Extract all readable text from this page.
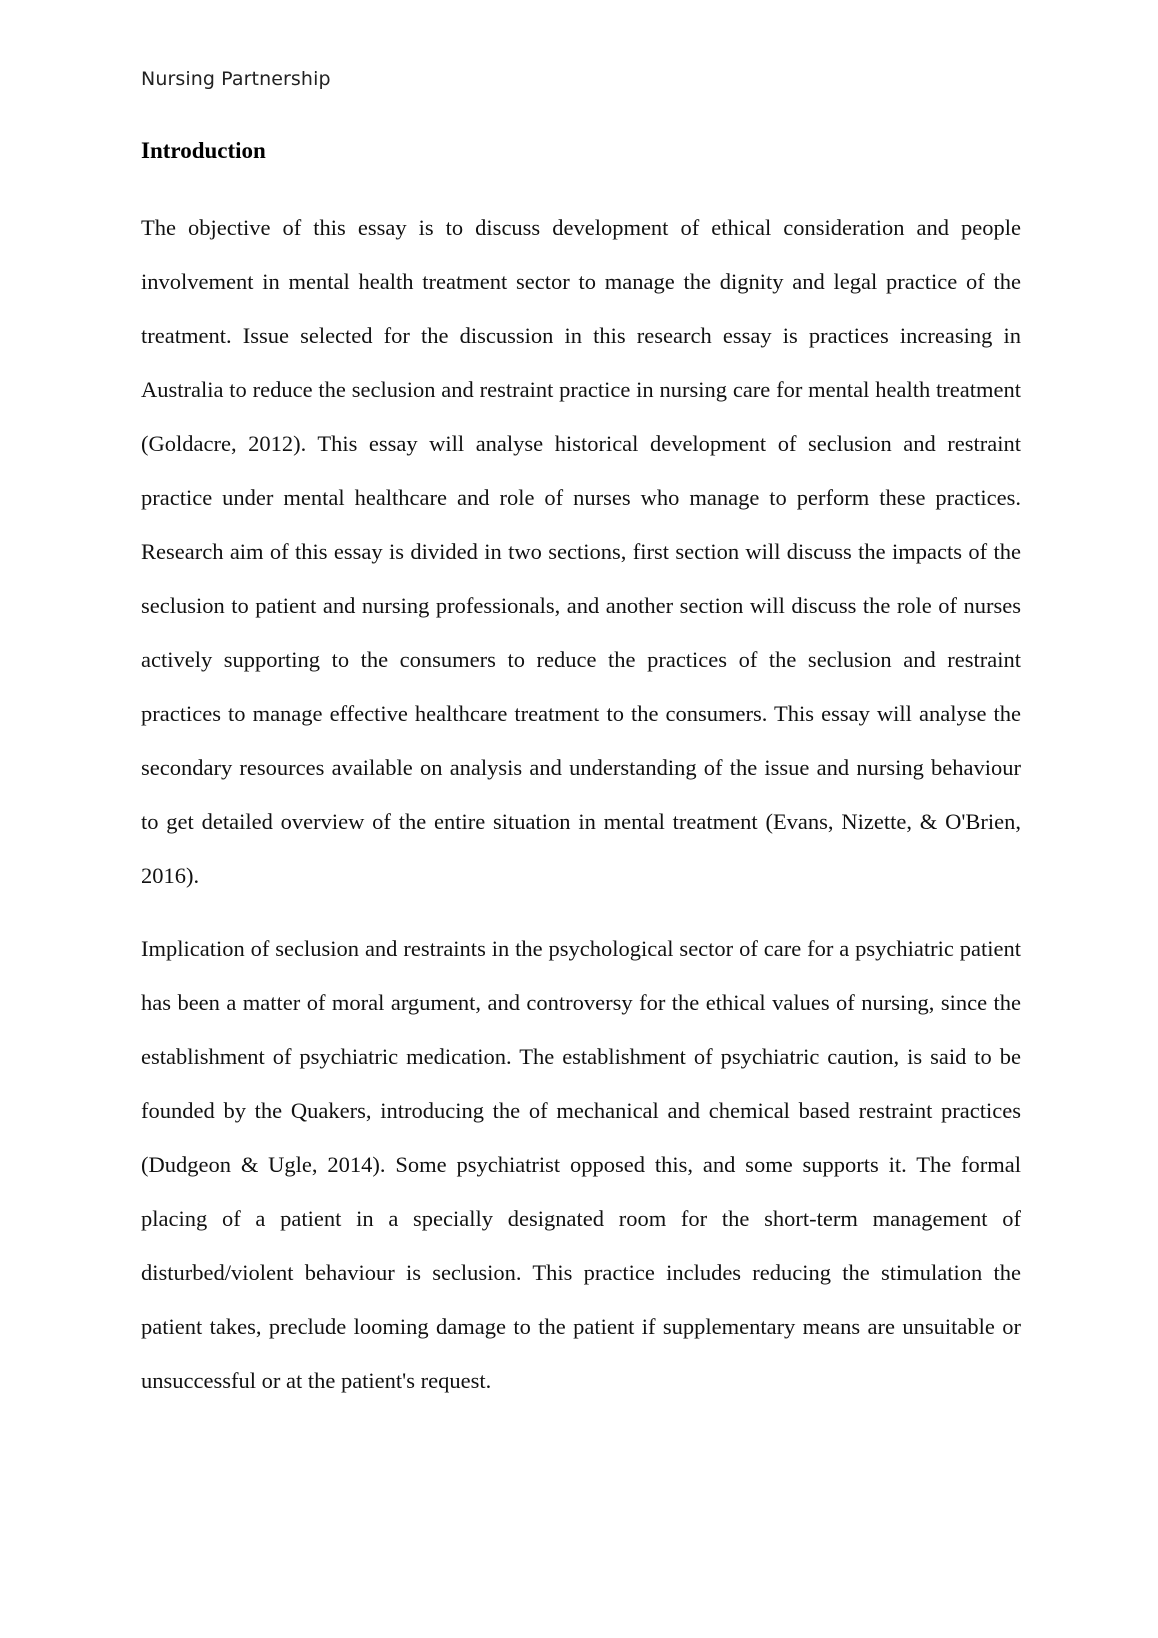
Nursing Partnership

Introduction

The objective of this essay is to discuss development of ethical consideration and people involvement in mental health treatment sector to manage the dignity and legal practice of the treatment. Issue selected for the discussion in this research essay is practices increasing in Australia to reduce the seclusion and restraint practice in nursing care for mental health treatment (Goldacre, 2012). This essay will analyse historical development of seclusion and restraint practice under mental healthcare and role of nurses who manage to perform these practices. Research aim of this essay is divided in two sections, first section will discuss the impacts of the seclusion to patient and nursing professionals, and another section will discuss the role of nurses actively supporting to the consumers to reduce the practices of the seclusion and restraint practices to manage effective healthcare treatment to the consumers. This essay will analyse the secondary resources available on analysis and understanding of the issue and nursing behaviour to get detailed overview of the entire situation in mental treatment (Evans, Nizette, & O'Brien, 2016).

Implication of seclusion and restraints in the psychological sector of care for a psychiatric patient has been a matter of moral argument, and controversy for the ethical values of nursing, since the establishment of psychiatric medication. The establishment of psychiatric caution, is said to be founded by the Quakers, introducing the of mechanical and chemical based restraint practices (Dudgeon & Ugle, 2014). Some psychiatrist opposed this, and some supports it. The formal placing of a patient in a specially designated room for the short-term management of disturbed/violent behaviour is seclusion. This practice includes reducing the stimulation the patient takes, preclude looming damage to the patient if supplementary means are unsuitable or unsuccessful or at the patient's request.
